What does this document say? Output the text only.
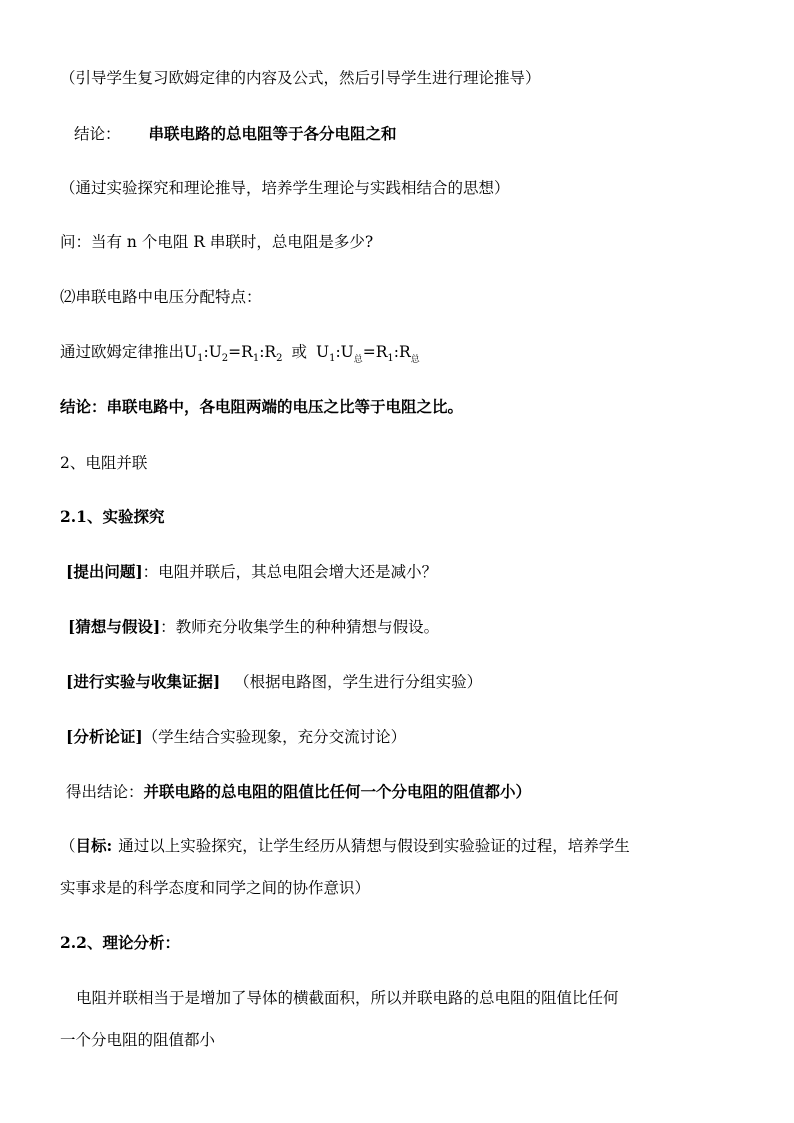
（引导学生复习欧姆定律的内容及公式，然后引导学生进行理论推导）
结论： 串联电路的总电阻等于各分电阻之和
（通过实验探究和理论推导，培养学生理论与实践相结合的思想）
问：当有 n 个电阻 R 串联时，总电阻是多少?
⑵串联电路中电压分配特点：
通过欧姆定律推出$U_1:U_2=R_1:R_2$ 或 $U_1:U_总=R_1:R_总$
结论：串联电路中，各电阻两端的电压之比等于电阻之比。
2、电阻并联
2.1、实验探究
[提出问题]：电阻并联后，其总电阻会增大还是减小？
[猜想与假设]：教师充分收集学生的种种猜想与假设。
[进行实验与收集证据] （根据电路图，学生进行分组实验）
[分析论证]（学生结合实验现象，充分交流讨论）
得出结论：并联电路的总电阻的阻值比任何一个分电阻的阻值都小）
（目标: 通过以上实验探究，让学生经历从猜想与假设到实验验证的过程，培养学生
实事求是的科学态度和同学之间的协作意识）
2.2、理论分析：
电阻并联相当于是增加了导体的横截面积，所以并联电路的总电阻的阻值比任何
一个分电阻的阻值都小
